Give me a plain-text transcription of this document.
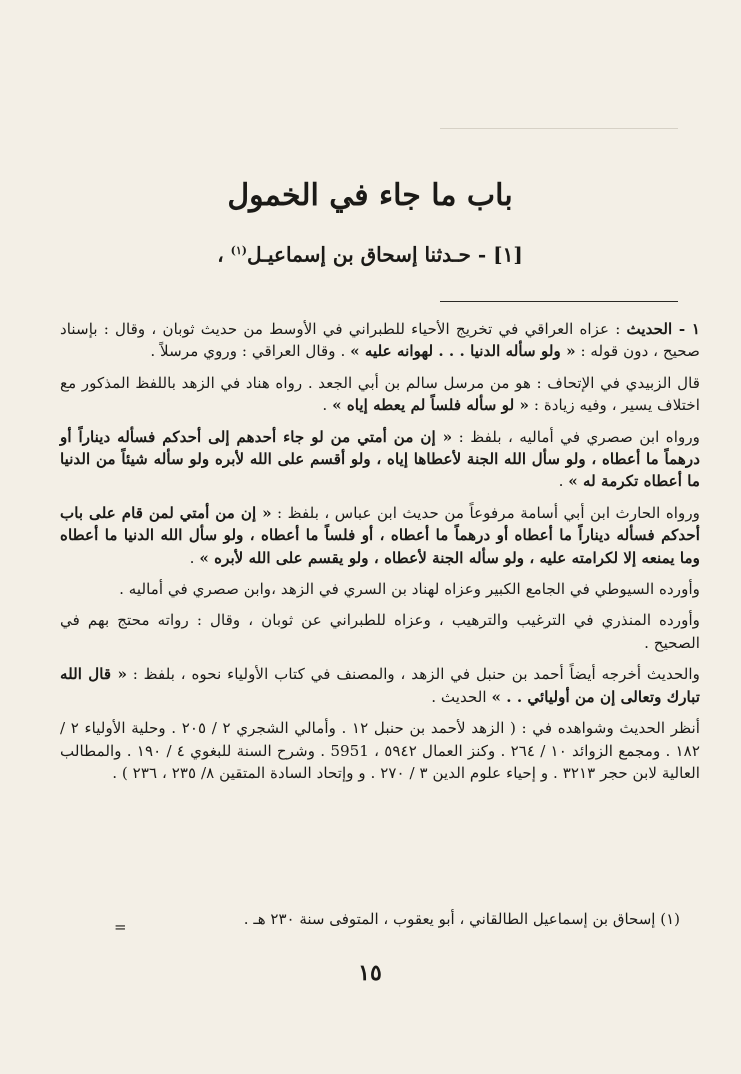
باب ما جاء في الخمول
[١] - حـدثنا إسحاق بن إسماعيـل$^{(١)}$ ،

١ - الحديث : عزاه العراقي في تخريج الأحياء للطبراني في الأوسط من حديث ثوبان ، وقال : بإسناد صحيح ، دون قوله : « ولو سأله الدنيا . . . لهوانه عليه » . وقال العراقي : وروي مرسلاً .

قال الزبيدي في الإتحاف : هو من مرسل سالم بن أبي الجعد . رواه هناد في الزهد باللفظ المذكور مع اختلاف يسير ، وفيه زيادة : « لو سأله فلساً لم يعطه إياه » .

ورواه ابن صصري في أماليه ، بلفظ : « إن من أمتي من لو جاء أحدهم إلى أحدكم فسأله ديناراً أو درهماً ما أعطاه ، ولو سأل الله الجنة لأعطاها إياه ، ولو أقسم على الله لأبره ولو سأله شيئاً من الدنيا ما أعطاه تكرمة له » .

ورواه الحارث ابن أبي أسامة مرفوعاً من حديث ابن عباس ، بلفظ : « إن من أمتي لمن قام على باب أحدكم فسأله ديناراً ما أعطاه أو درهماً ما أعطاه ، أو فلساً ما أعطاه ، ولو سأل الله الدنيا ما أعطاه وما يمنعه إلا لكرامته عليه ، ولو سأله الجنة لأعطاه ، ولو يقسم على الله لأبره » .

وأورده السيوطي في الجامع الكبير وعزاه لهناد بن السري في الزهد ،وابن صصري في أماليه .

وأورده المنذري في الترغيب والترهيب ، وعزاه للطبراني عن ثوبان ، وقال : رواته محتج بهم في الصحيح .

والحديث أخرجه أيضاً أحمد بن حنبل في الزهد ، والمصنف في كتاب الأولياء نحوه ، بلفظ : « قال الله تبارك وتعالى إن من أوليائي . . » الحديث .

أنظر الحديث وشواهده في : ( الزهد لأحمد بن حنبل ١٢ . وأمالي الشجري ٢ / ٢٠٥ . وحلية الأولياء ٢ / ١٨٢ . ومجمع الزوائد ١٠ / ٢٦٤ . وكنز العمال ٥٩٤٢ ، 5951 . وشرح السنة للبغوي ٤ / ١٩٠ . والمطالب العالية لابن حجر ٣٢١٣ . و إحياء علوم الدين ٣ / ٢٧٠ . و وإتحاد السادة المتقين ٨/ ٢٣٥ ، ٢٣٦ ) .

(١) إسحاق بن إسماعيل الطالقاني ، أبو يعقوب ، المتوفى سنة ٢٣٠ هـ .
=
١٥
